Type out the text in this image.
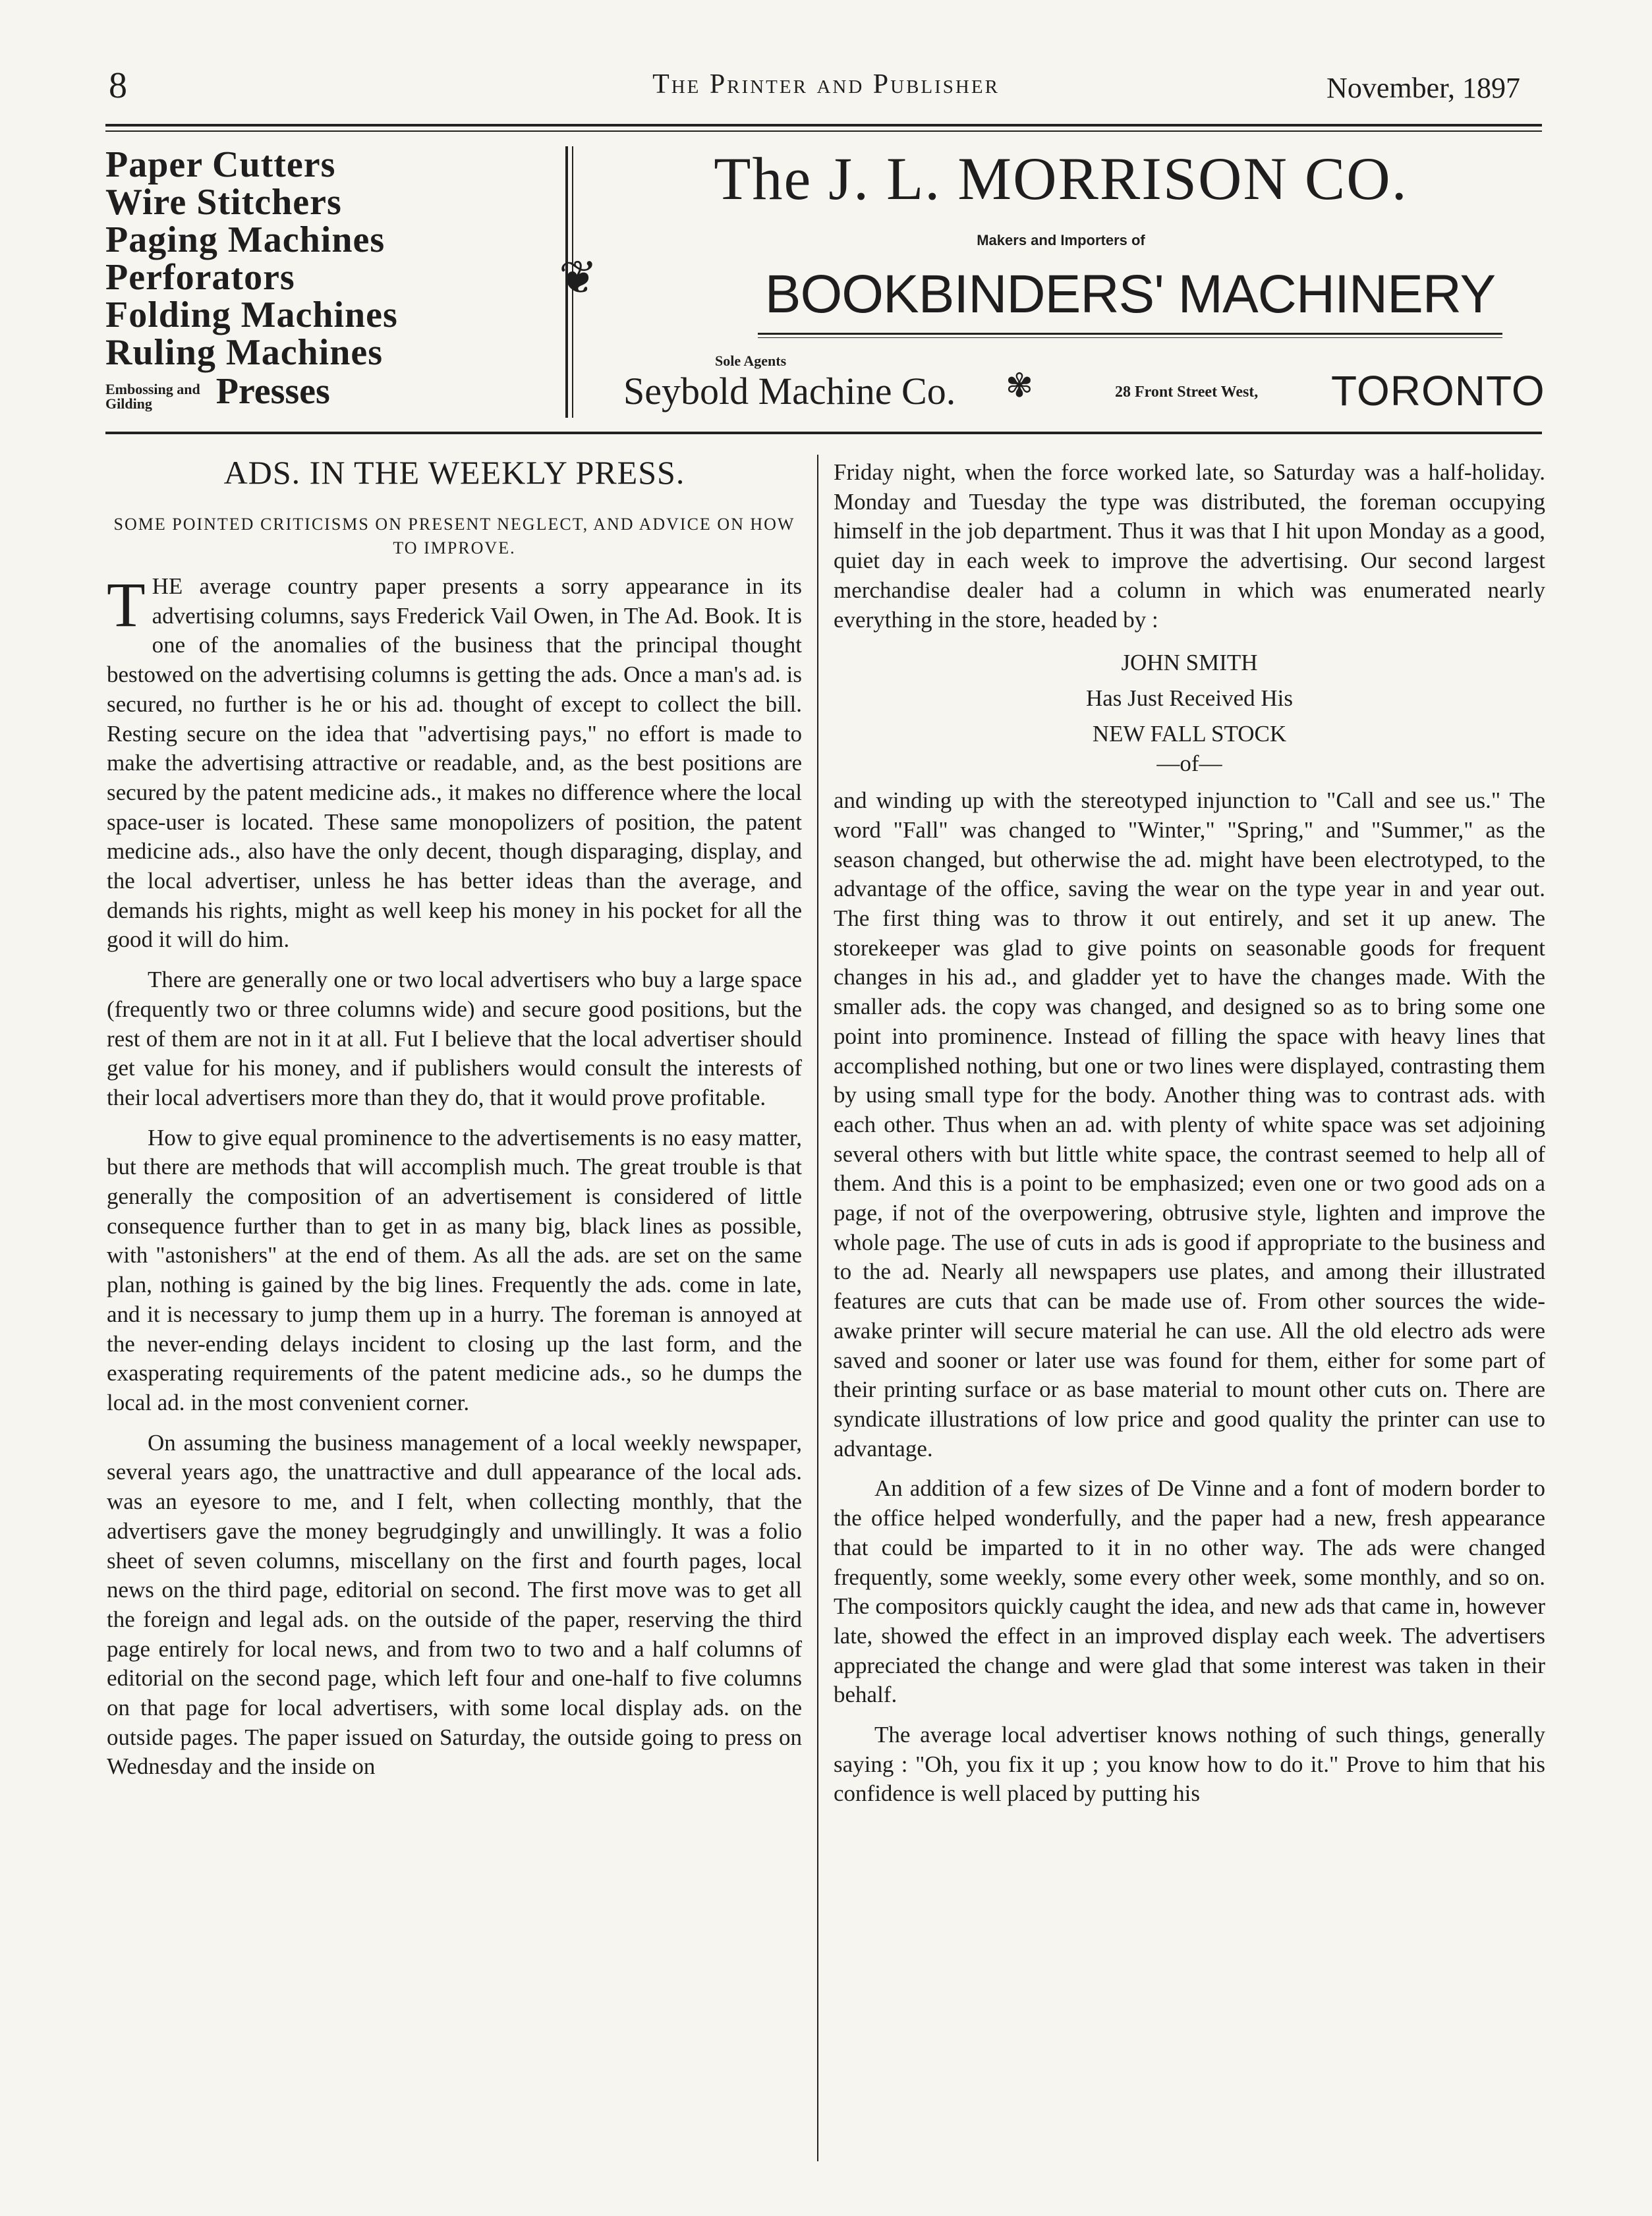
8	The Printer and Publisher	November, 1897
Paper Cutters
Wire Stitchers
Paging Machines
Perforators
Folding Machines
Ruling Machines
Embossing and
Gilding	Presses
❦
The J. L. MORRISON CO.
Makers and Importers of
BOOKBINDERS' MACHINERY
Sole Agents
Seybold Machine Co. ✾	28 Front Street West, TORONTO
ADS. IN THE WEEKLY PRESS.
SOME POINTED CRITICISMS ON PRESENT NEGLECT, AND ADVICE ON HOW TO IMPROVE.

THE average country paper presents a sorry appearance in its advertising columns, says Frederick Vail Owen, in The Ad. Book. It is one of the anomalies of the business that the principal thought bestowed on the advertising columns is getting the ads. Once a man's ad. is secured, no further is he or his ad. thought of except to collect the bill. Resting secure on the idea that "advertising pays," no effort is made to make the advertising attractive or readable, and, as the best positions are secured by the patent medicine ads., it makes no difference where the local space-user is located. These same monopolizers of position, the patent medicine ads., also have the only decent, though disparaging, display, and the local advertiser, unless he has better ideas than the average, and demands his rights, might as well keep his money in his pocket for all the good it will do him.

There are generally one or two local advertisers who buy a large space (frequently two or three columns wide) and secure good positions, but the rest of them are not in it at all. Fut I believe that the local advertiser should get value for his money, and if publishers would consult the interests of their local advertisers more than they do, that it would prove profitable.

How to give equal prominence to the advertisements is no easy matter, but there are methods that will accomplish much. The great trouble is that generally the composition of an advertisement is considered of little consequence further than to get in as many big, black lines as possible, with "astonishers" at the end of them. As all the ads. are set on the same plan, nothing is gained by the big lines. Frequently the ads. come in late, and it is necessary to jump them up in a hurry. The foreman is annoyed at the never-ending delays incident to closing up the last form, and the exasperating requirements of the patent medicine ads., so he dumps the local ad. in the most convenient corner.

On assuming the business management of a local weekly newspaper, several years ago, the unattractive and dull appearance of the local ads. was an eyesore to me, and I felt, when collecting monthly, that the advertisers gave the money begrudgingly and unwillingly. It was a folio sheet of seven columns, miscellany on the first and fourth pages, local news on the third page, editorial on second. The first move was to get all the foreign and legal ads. on the outside of the paper, reserving the third page entirely for local news, and from two to two and a half columns of editorial on the second page, which left four and one-half to five columns on that page for local advertisers, with some local display ads. on the outside pages. The paper issued on Saturday, the outside going to press on Wednesday and the inside on

Friday night, when the force worked late, so Saturday was a half-holiday. Monday and Tuesday the type was distributed, the foreman occupying himself in the job department. Thus it was that I hit upon Monday as a good, quiet day in each week to improve the advertising. Our second largest merchandise dealer had a column in which was enumerated nearly everything in the store, headed by :

JOHN SMITH
Has Just Received His
NEW FALL STOCK
—of—

and winding up with the stereotyped injunction to "Call and see us." The word "Fall" was changed to "Winter," "Spring," and "Summer," as the season changed, but otherwise the ad. might have been electrotyped, to the advantage of the office, saving the wear on the type year in and year out. The first thing was to throw it out entirely, and set it up anew. The storekeeper was glad to give points on seasonable goods for frequent changes in his ad., and gladder yet to have the changes made. With the smaller ads. the copy was changed, and designed so as to bring some one point into prominence. Instead of filling the space with heavy lines that accomplished nothing, but one or two lines were displayed, contrasting them by using small type for the body. Another thing was to contrast ads. with each other. Thus when an ad. with plenty of white space was set adjoining several others with but little white space, the contrast seemed to help all of them. And this is a point to be emphasized; even one or two good ads on a page, if not of the overpowering, obtrusive style, lighten and improve the whole page. The use of cuts in ads is good if appropriate to the business and to the ad. Nearly all newspapers use plates, and among their illustrated features are cuts that can be made use of. From other sources the wide-awake printer will secure material he can use. All the old electro ads were saved and sooner or later use was found for them, either for some part of their printing surface or as base material to mount other cuts on. There are syndicate illustrations of low price and good quality the printer can use to advantage.

An addition of a few sizes of De Vinne and a font of modern border to the office helped wonderfully, and the paper had a new, fresh appearance that could be imparted to it in no other way. The ads were changed frequently, some weekly, some every other week, some monthly, and so on. The compositors quickly caught the idea, and new ads that came in, however late, showed the effect in an improved display each week. The advertisers appreciated the change and were glad that some interest was taken in their behalf.

The average local advertiser knows nothing of such things, generally saying : "Oh, you fix it up ; you know how to do it." Prove to him that his confidence is well placed by putting his
